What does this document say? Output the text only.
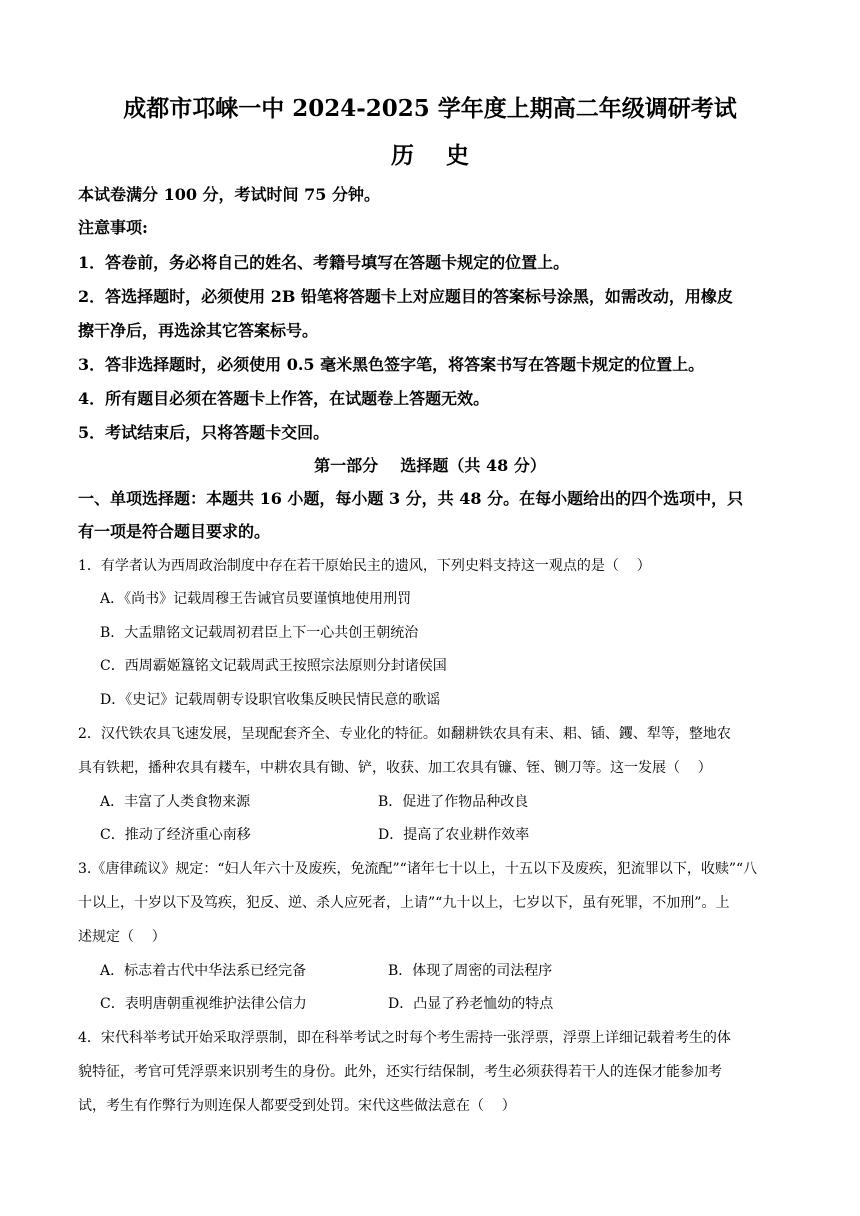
成都市邛崃一中 2024-2025 学年度上期高二年级调研考试
历    史
本试卷满分 100 分，考试时间 75 分钟。
注意事项:
1．答卷前，务必将自己的姓名、考籍号填写在答题卡规定的位置上。
2．答选择题时，必须使用 2B 铅笔将答题卡上对应题目的答案标号涂黑，如需改动，用橡皮
擦干净后，再选涂其它答案标号。
3．答非选择题时，必须使用 0.5 毫米黑色签字笔，将答案书写在答题卡规定的位置上。
4．所有题目必须在答题卡上作答，在试题卷上答题无效。
5．考试结束后，只将答题卡交回。
第一部分    选择题（共 48 分）
一、单项选择题：本题共 16 小题，每小题 3 分，共 48 分。在每小题给出的四个选项中，只
有一项是符合题目要求的。
1．有学者认为西周政治制度中存在若干原始民主的遗风，下列史料支持这一观点的是（    ）
A．《尚书》记载周穆王告诫官员要谨慎地使用刑罚
B．大盂鼎铭文记载周初君臣上下一心共创王朝统治
C．西周霸姬簋铭文记载周武王按照宗法原则分封诸侯国
D．《史记》记载周朝专设职官收集反映民情民意的歌谣
2．汉代铁农具飞速发展，呈现配套齐全、专业化的特征。如翻耕铁农具有耒、耜、锸、钁、犁等，整地农
具有铁耙，播种农具有耧车，中耕农具有锄、铲，收获、加工农具有镰、铚、铡刀等。这一发展（    ）
A．丰富了人类食物来源	B．促进了作物品种改良
C．推动了经济重心南移	D．提高了农业耕作效率
3.《唐律疏议》规定：“妇人年六十及废疾，免流配”“诸年七十以上，十五以下及废疾，犯流罪以下，收赎”“八
十以上，十岁以下及笃疾，犯反、逆、杀人应死者，上请”“九十以上，七岁以下，虽有死罪，不加刑”。上
述规定（    ）
A．标志着古代中华法系已经完备	B．体现了周密的司法程序
C．表明唐朝重视维护法律公信力	D．凸显了矜老恤幼的特点
4．宋代科举考试开始采取浮票制，即在科举考试之时每个考生需持一张浮票，浮票上详细记载着考生的体
貌特征，考官可凭浮票来识别考生的身份。此外，还实行结保制，考生必须获得若干人的连保才能参加考
试，考生有作弊行为则连保人都要受到处罚。宋代这些做法意在（    ）
